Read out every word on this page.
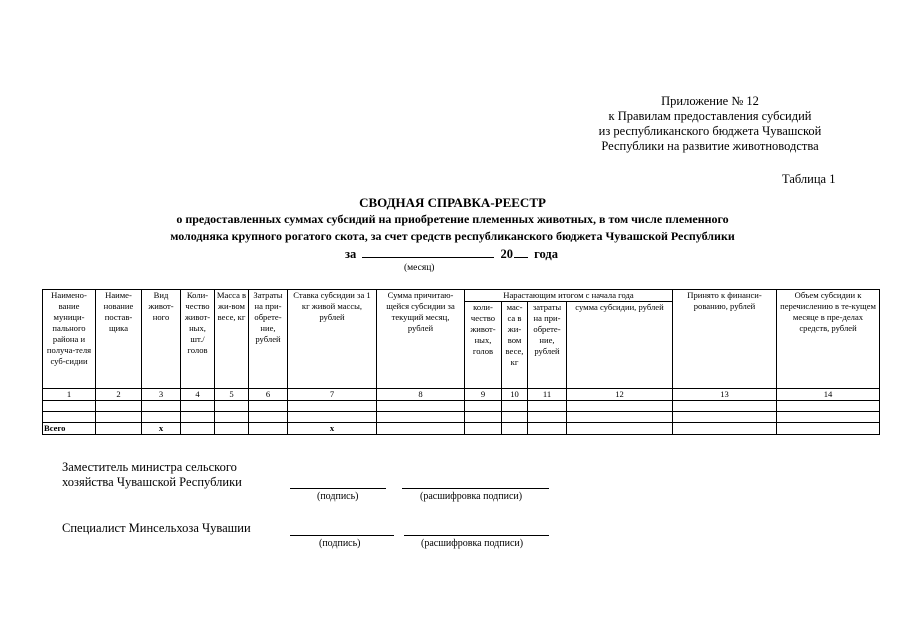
Приложение № 12
к Правилам предоставления субсидий
из республиканского бюджета Чувашской
Республики на развитие животноводства
Таблица 1
СВОДНАЯ СПРАВКА-РЕЕСТР
о предоставленных суммах субсидий на приобретение племенных животных, в том числе племенного
молодняка крупного рогатого скота, за счет средств республиканского бюджета Чувашской Республики
за	20 года
(месяц)
Наимено-вание муници-пального района и получа-теля суб-сидии	Наиме-нование постав-щика	Вид живот-ного	Коли-чество живот-ных, шт./ голов	Масса в жи-вом весе, кг	Затраты на при-обрете-ние, рублей	Ставка субсидии за 1 кг живой массы, рублей	Сумма причитаю-щейся субсидии за текущий месяц, рублей	Нарастающим итогом с начала года				Принято к финанси-рованию, рублей	Объем субсидии к перечислению в те-кущем месяце в пре-делах средств, рублей
								коли-чество живот-ных, голов	мас-са в жи-вом весе, кг	затраты на при-обрете-ние, рублей	сумма субсидии, рублей		
1	2	3	4	5	6	7	8	9	10	11	12	13	14

Всего		х				х							
Заместитель министра сельского
хозяйства Чувашской Республики
(подпись)	(расшифровка подписи)
Специалист Минсельхоза Чувашии
(подпись)	(расшифровка подписи)
